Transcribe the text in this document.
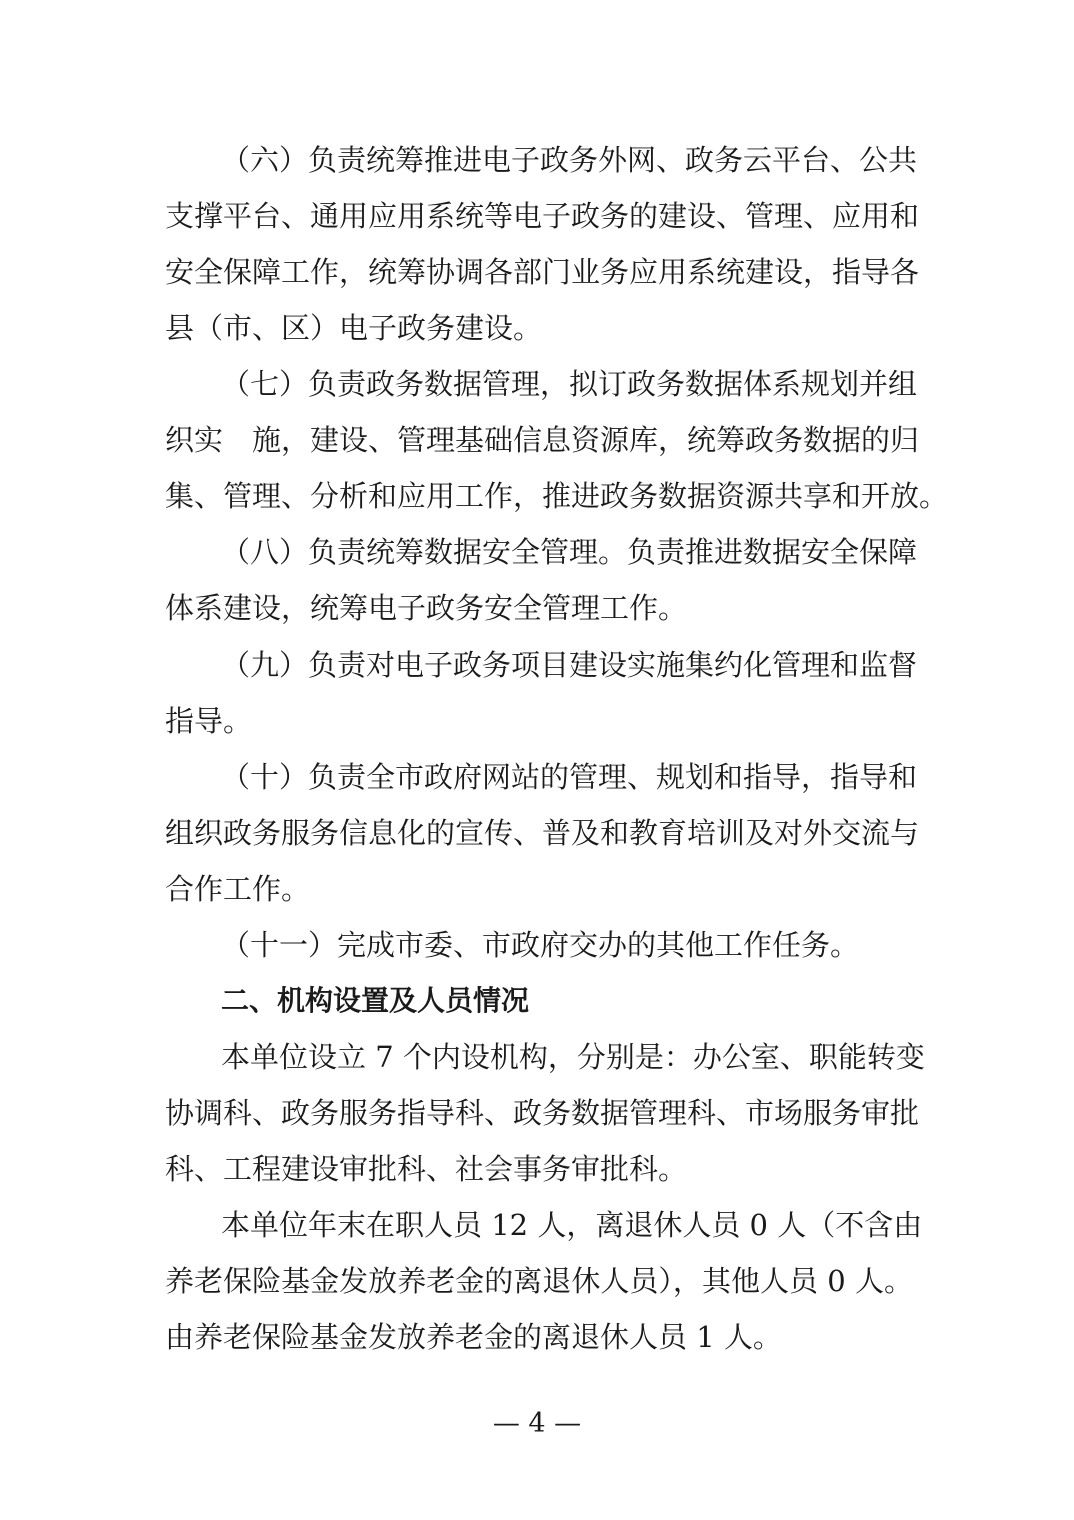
（六）负责统筹推进电子政务外网、政务云平台、公共

支撑平台、通用应用系统等电子政务的建设、管理、应用和

安全保障工作，统筹协调各部门业务应用系统建设，指导各

县（市、区）电子政务建设。

（七）负责政务数据管理，拟订政务数据体系规划并组

织实　施，建设、管理基础信息资源库，统筹政务数据的归

集、管理、分析和应用工作，推进政务数据资源共享和开放。

（八）负责统筹数据安全管理。负责推进数据安全保障

体系建设，统筹电子政务安全管理工作。

（九）负责对电子政务项目建设实施集约化管理和监督

指导。

（十）负责全市政府网站的管理、规划和指导，指导和

组织政务服务信息化的宣传、普及和教育培训及对外交流与

合作工作。

（十一）完成市委、市政府交办的其他工作任务。

二、机构设置及人员情况

本单位设立 7 个内设机构，分别是：办公室、职能转变

协调科、政务服务指导科、政务数据管理科、市场服务审批

科、工程建设审批科、社会事务审批科。

本单位年末在职人员 12 人，离退休人员 0 人（不含由

养老保险基金发放养老金的离退休人员），其他人员 0 人。

由养老保险基金发放养老金的离退休人员 1 人。

— 4 —
